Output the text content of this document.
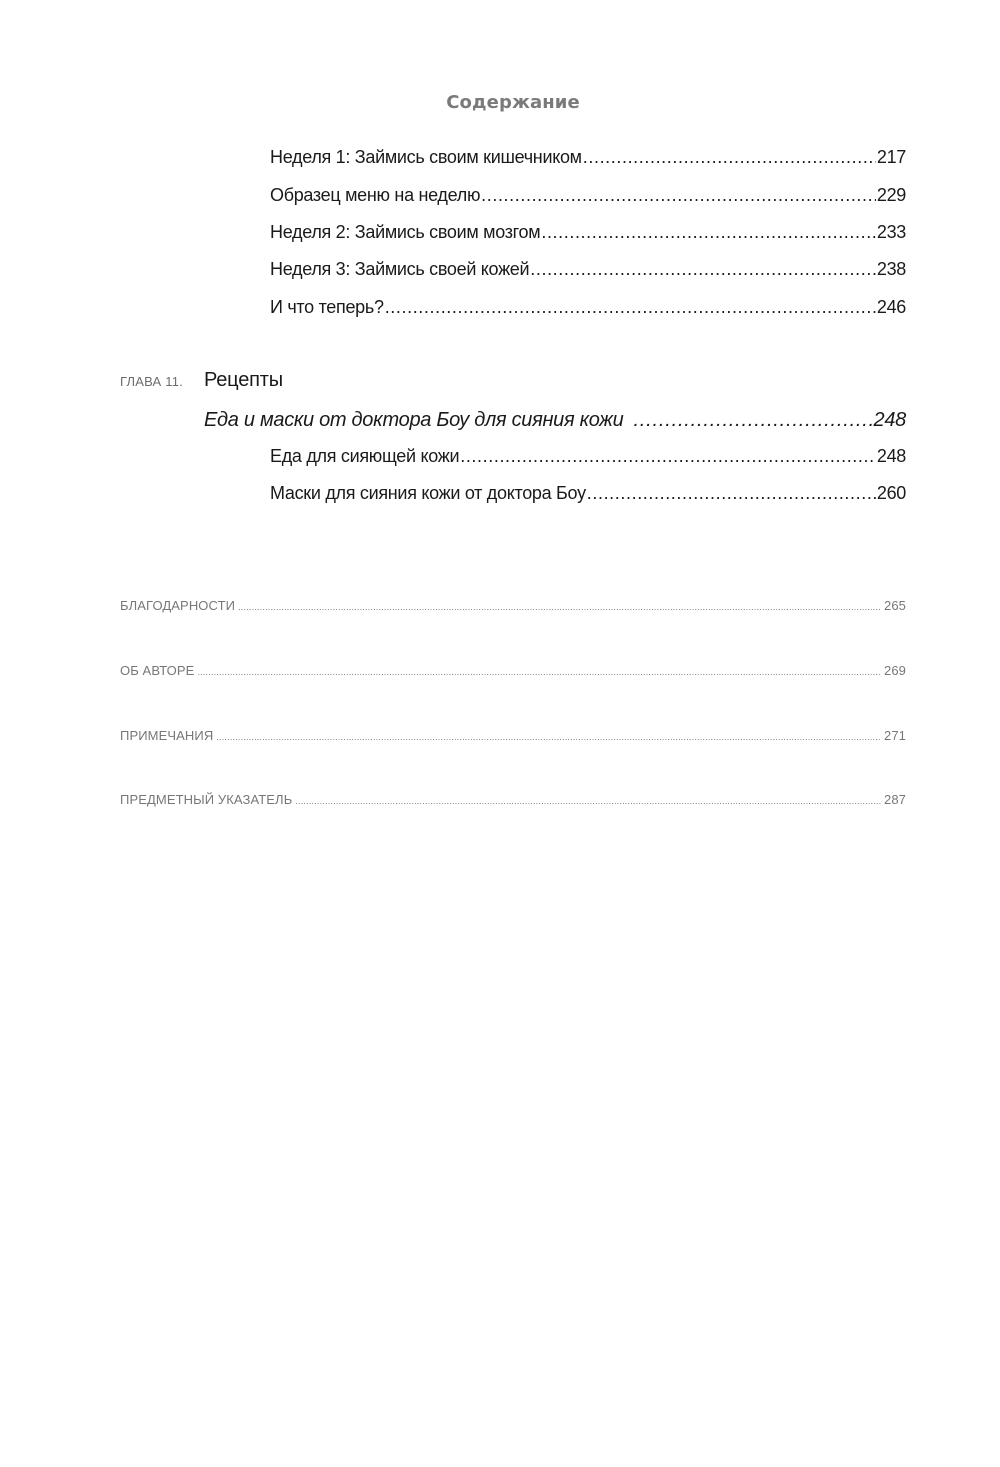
Содержание
Неделя 1: Займись своим кишечником .....	217
Образец меню на неделю .....	229
Неделя 2: Займись своим мозгом .....	233
Неделя 3: Займись своей кожей .....	238
И что теперь? .....	246
ГЛАВА 11. Рецепты
Еда и маски от доктора Боу для сияния кожи .....	248
Еда для сияющей кожи .....	248
Маски для сияния кожи от доктора Боу .....	260
БЛАГОДАРНОСТИ .....	265
ОБ АВТОРЕ .....	269
ПРИМЕЧАНИЯ .....	271
ПРЕДМЕТНЫЙ УКАЗАТЕЛЬ .....	287
